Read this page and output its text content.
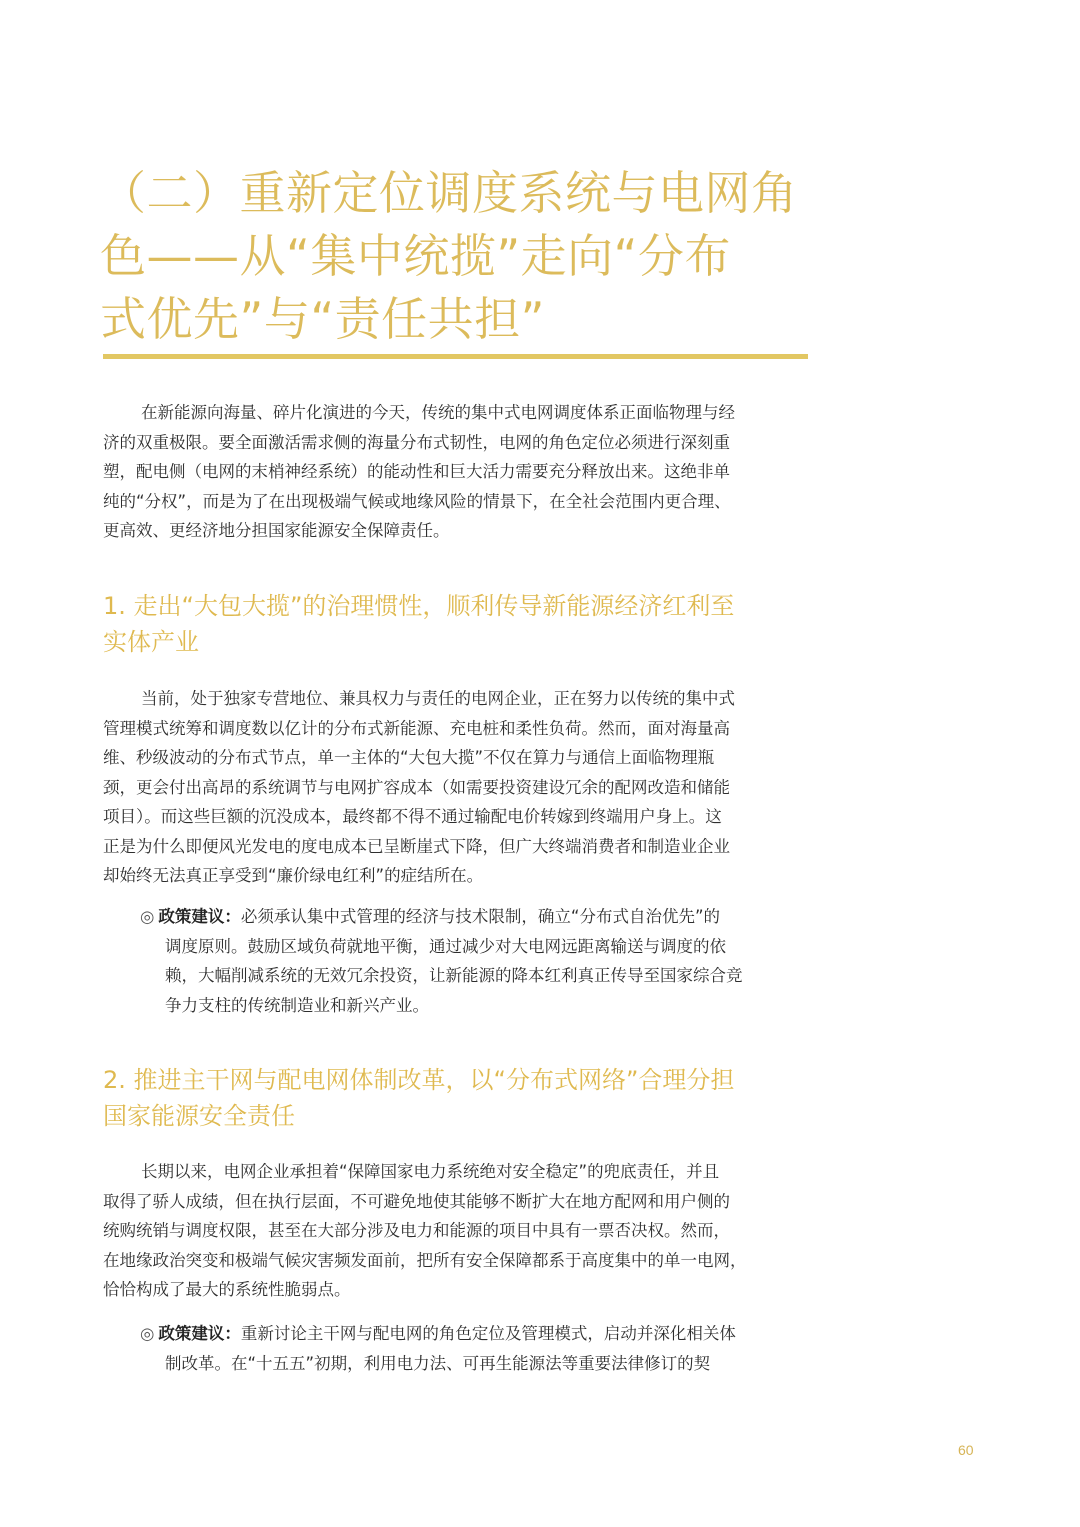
（二）重新定位调度系统与电网角
色——从“集中统揽”走向“分布
式优先”与“责任共担”

在新能源向海量、碎片化演进的今天，传统的集中式电网调度体系正面临物理与经
济的双重极限。要全面激活需求侧的海量分布式韧性，电网的角色定位必须进行深刻重
塑，配电侧（电网的末梢神经系统）的能动性和巨大活力需要充分释放出来。这绝非单
纯的“分权”，而是为了在出现极端气候或地缘风险的情景下，在全社会范围内更合理、
更高效、更经济地分担国家能源安全保障责任。

1. 走出“大包大揽”的治理惯性，顺利传导新能源经济红利至
实体产业

当前，处于独家专营地位、兼具权力与责任的电网企业，正在努力以传统的集中式
管理模式统筹和调度数以亿计的分布式新能源、充电桩和柔性负荷。然而，面对海量高
维、秒级波动的分布式节点，单一主体的“大包大揽”不仅在算力与通信上面临物理瓶
颈，更会付出高昂的系统调节与电网扩容成本（如需要投资建设冗余的配网改造和储能
项目）。而这些巨额的沉没成本，最终都不得不通过输配电价转嫁到终端用户身上。这
正是为什么即便风光发电的度电成本已呈断崖式下降，但广大终端消费者和制造业企业
却始终无法真正享受到“廉价绿电红利”的症结所在。

◎ 政策建议：必须承认集中式管理的经济与技术限制，确立“分布式自治优先”的
调度原则。鼓励区域负荷就地平衡，通过减少对大电网远距离输送与调度的依
赖，大幅削减系统的无效冗余投资，让新能源的降本红利真正传导至国家综合竞
争力支柱的传统制造业和新兴产业。
2. 推进主干网与配电网体制改革，以“分布式网络”合理分担
国家能源安全责任

长期以来，电网企业承担着“保障国家电力系统绝对安全稳定”的兜底责任，并且
取得了骄人成绩，但在执行层面，不可避免地使其能够不断扩大在地方配网和用户侧的
统购统销与调度权限，甚至在大部分涉及电力和能源的项目中具有一票否决权。然而，
在地缘政治突变和极端气候灾害频发面前，把所有安全保障都系于高度集中的单一电网，
恰恰构成了最大的系统性脆弱点。

◎ 政策建议：重新讨论主干网与配电网的角色定位及管理模式，启动并深化相关体
制改革。在“十五五”初期，利用电力法、可再生能源法等重要法律修订的契
60
